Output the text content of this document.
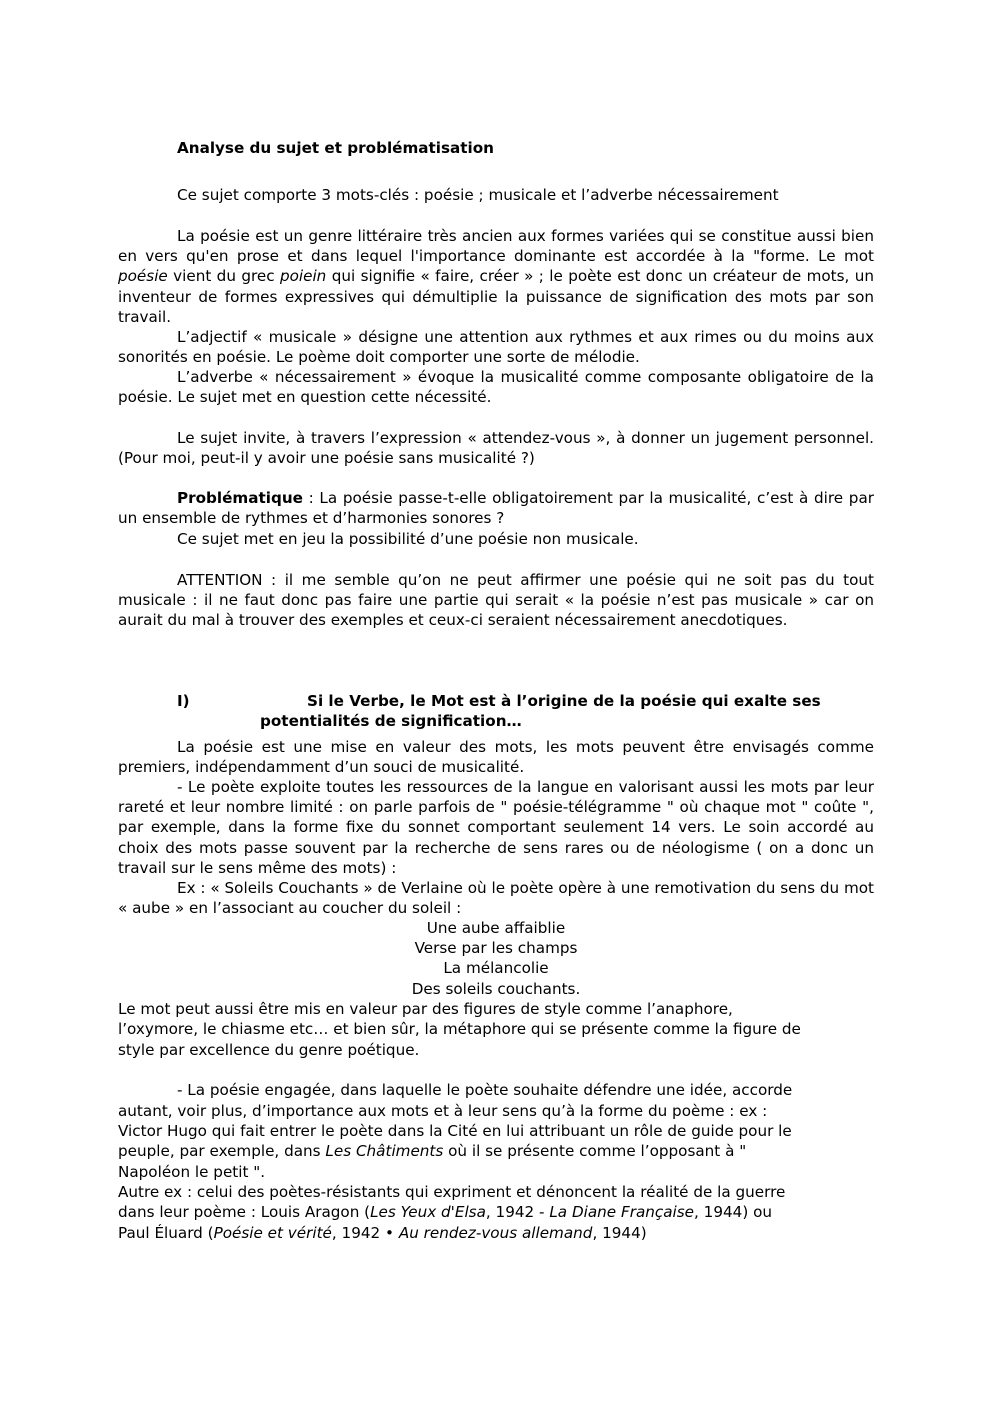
Analyse du sujet et problématisation
Ce sujet comporte 3 mots-clés : poésie ; musicale et l’adverbe nécessairement
La poésie est un genre littéraire très ancien aux formes variées qui se constitue aussi bien en vers qu'en prose et dans lequel l'importance dominante est accordée à la "forme. Le mot poésie vient du grec poiein qui signifie « faire, créer » ; le poète est donc un créateur de mots, un inventeur de formes expressives qui démultiplie la puissance de signification des mots par son travail.
L’adjectif « musicale » désigne une attention aux rythmes et aux rimes ou du moins aux sonorités en poésie. Le poème doit comporter une sorte de mélodie.
L’adverbe « nécessairement » évoque la musicalité comme composante obligatoire de la poésie. Le sujet met en question cette nécessité.
Le sujet invite, à travers l’expression « attendez-vous », à donner un jugement personnel. (Pour moi, peut-il y avoir une poésie sans musicalité ?)
Problématique : La poésie passe-t-elle obligatoirement par la musicalité, c’est à dire par un ensemble de rythmes et d’harmonies sonores ?
Ce sujet met en jeu la possibilité d’une poésie non musicale.
ATTENTION : il me semble qu’on ne peut affirmer une poésie qui ne soit pas du tout musicale : il ne faut donc pas faire une partie qui serait « la poésie n’est pas musicale » car on aurait du mal à trouver des exemples et ceux-ci seraient nécessairement anecdotiques.
I)	Si le Verbe, le Mot est à l’origine de la poésie qui exalte ses
potentialités de signification…
La poésie est une mise en valeur des mots, les mots peuvent être envisagés comme premiers, indépendamment d’un souci de musicalité.
- Le poète exploite toutes les ressources de la langue en valorisant aussi les mots par leur rareté et leur nombre limité : on parle parfois de " poésie-télégramme " où chaque mot " coûte ", par exemple, dans la forme fixe du sonnet comportant seulement 14 vers. Le soin accordé au choix des mots passe souvent par la recherche de sens rares ou de néologisme ( on a donc un travail sur le sens même des mots) :
Ex : « Soleils Couchants » de Verlaine où le poète opère à une remotivation du sens du mot « aube » en l’associant au coucher du soleil :
Une aube affaiblie
Verse par les champs
La mélancolie
Des soleils couchants.
Le mot peut aussi être mis en valeur par des figures de style comme l’anaphore,
l’oxymore, le chiasme etc… et bien sûr, la métaphore qui se présente comme la figure de
style par excellence du genre poétique.
- La poésie engagée, dans laquelle le poète souhaite défendre une idée, accorde
autant, voir plus, d’importance aux mots et à leur sens qu’à la forme du poème : ex :
Victor Hugo qui fait entrer le poète dans la Cité en lui attribuant un rôle de guide pour le
peuple, par exemple, dans Les Châtiments où il se présente comme l’opposant à "
Napoléon le petit ".
Autre ex : celui des poètes-résistants qui expriment et dénoncent la réalité de la guerre
dans leur poème : Louis Aragon (Les Yeux d'Elsa, 1942 - La Diane Française, 1944) ou
Paul Éluard (Poésie et vérité, 1942 • Au rendez-vous allemand, 1944)
